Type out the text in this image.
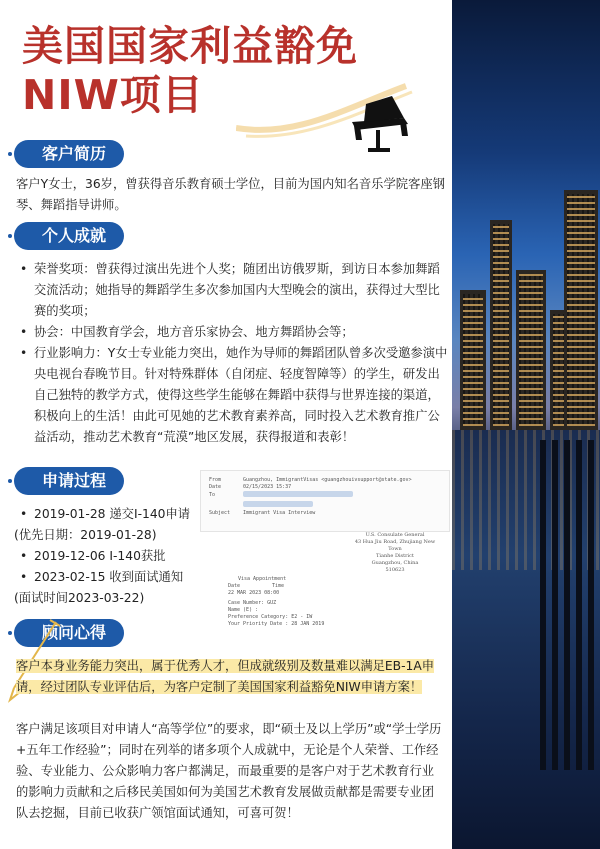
美国国家利益豁免
NIW项目
客户简历
客户Y女士，36岁，曾获得音乐教育硕士学位，目前为国内知名音乐学院客座钢琴、舞蹈指导讲师。
个人成就
• 荣誉奖项：曾获得过演出先进个人奖；随团出访俄罗斯，到访日本参加舞蹈交流活动；她指导的舞蹈学生多次参加国内大型晚会的演出，获得过大型比赛的奖项；
• 协会：中国教育学会，地方音乐家协会、地方舞蹈协会等；
• 行业影响力：Y女士专业能力突出，她作为导师的舞蹈团队曾多次受邀参演中央电视台春晚节目。针对特殊群体（自闭症、轻度智障等）的学生，研发出自己独特的教学方式，使得这些学生能够在舞蹈中获得与世界连接的渠道，积极向上的生活！由此可见她的艺术教育素养高，同时投入艺术教育推广公益活动，推动艺术教育“荒漠”地区发展，获得报道和表彰！
申请过程
• 2019-01-28 递交I-140申请
(优先日期：2019-01-28)
• 2019-12-06 I-140获批
• 2023-02-15 收到面试通知
(面试时间2023-03-22)
From	Guangzhou, ImmigrantVisas <guangzhouivsupport@state.gov>
Date	02/15/2023 15:37
To
Subject	Immigrant Visa Interview
U.S. Consulate General
43 Hua Jiu Road, Zhujiang New Town
Tianhe District
Guangzhou, China
510623
Visa Appointment
Date	Time
22 MAR 2023 08:00
Case Number: GUZ
Name (E) :
Preference Category: E2 - IW
Your Priority Date : 28 JAN 2019
顾问心得
客户本身业务能力突出，属于优秀人才，但成就级别及数量难以满足EB-1A申请，经过团队专业评估后，为客户定制了美国国家利益豁免NIW申请方案！
客户满足该项目对申请人“高等学位”的要求，即“硕士及以上学历”或“学士学历+五年工作经验”；同时在列举的诸多项个人成就中，无论是个人荣誉、工作经验、专业能力、公众影响力客户都满足，而最重要的是客户对于艺术教育行业的影响力贡献和之后移民美国如何为美国艺术教育发展做贡献都是需要专业团队去挖掘，目前已收获广领馆面试通知，可喜可贺！
